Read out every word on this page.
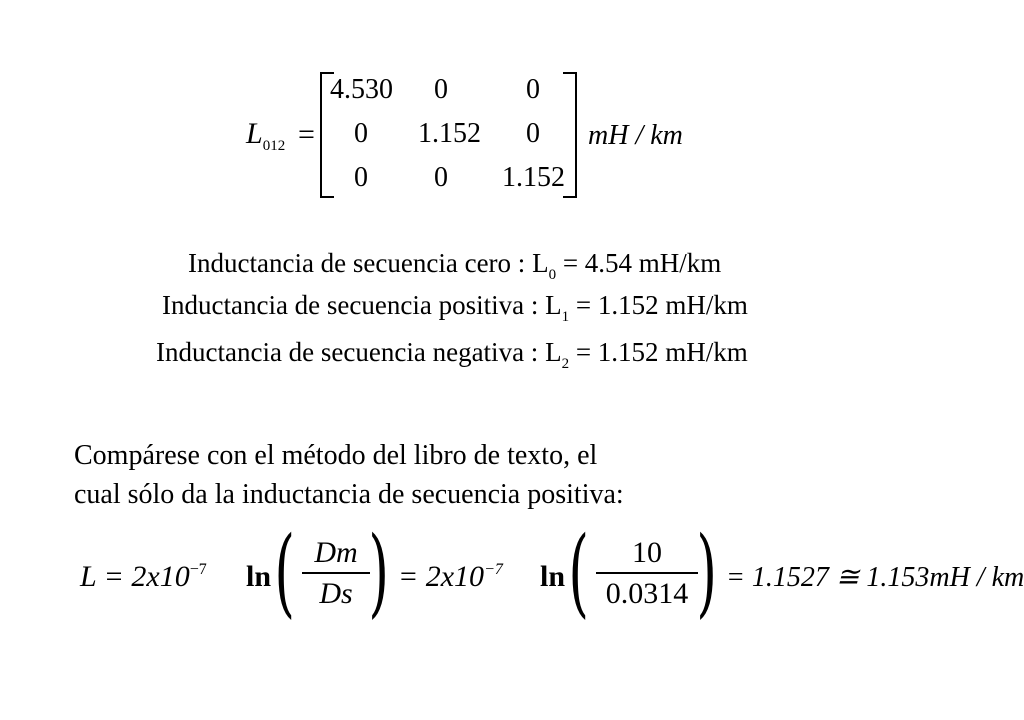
$L_{012}$ =
4.530 0	0
0 1.152 0
0 0 1.152
mH / km
Inductancia de secuencia cero : $L_0 = 4.54$ mH/km
Inductancia de secuencia positiva : $L_1 = 1.152$ mH/km
Inductancia de secuencia negativa : $L_2 = 1.152$ mH/km
Compárese con el método del libro de texto, el
cual sólo da la inductancia de secuencia positiva:
$L = 2x10^{-7}$ ln ( Dm
Ds ) = $2x10^{-7}$ ln (	10
0.0314 ) = 1.1527 ≅ 1.153mH / km
